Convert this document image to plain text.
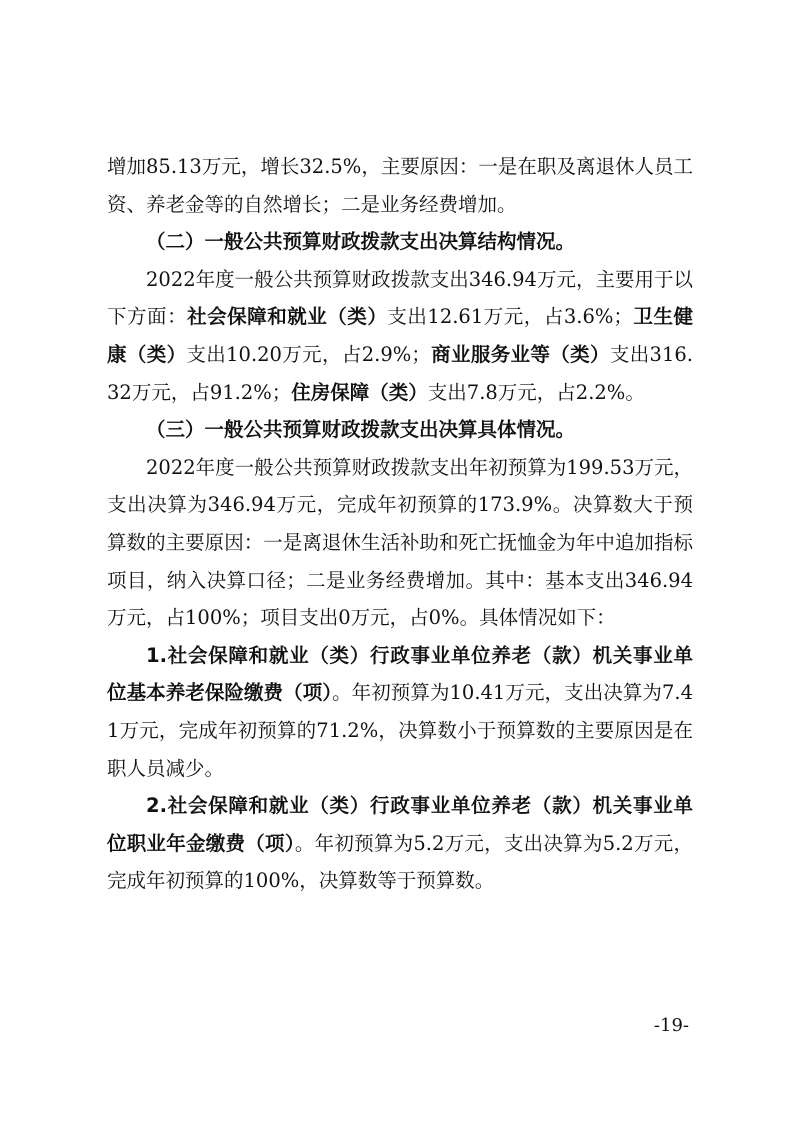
增加85.13万元，增长32.5%，主要原因：一是在职及离退休人员工资、养老金等的自然增长；二是业务经费增加。

（二）一般公共预算财政拨款支出决算结构情况。

2022年度一般公共预算财政拨款支出346.94万元，主要用于以下方面：社会保障和就业（类）支出12.61万元，占3.6%；卫生健康（类）支出10.20万元，占2.9%；商业服务业等（类）支出316.32万元，占91.2%；住房保障（类）支出7.8万元，占2.2%。

（三）一般公共预算财政拨款支出决算具体情况。

2022年度一般公共预算财政拨款支出年初预算为199.53万元，支出决算为346.94万元，完成年初预算的173.9%。决算数大于预算数的主要原因：一是离退休生活补助和死亡抚恤金为年中追加指标项目，纳入决算口径；二是业务经费增加。其中：基本支出346.94万元，占100%；项目支出0万元，占0%。具体情况如下：

1.社会保障和就业（类）行政事业单位养老（款）机关事业单位基本养老保险缴费（项）。年初预算为10.41万元，支出决算为7.41万元，完成年初预算的71.2%，决算数小于预算数的主要原因是在职人员减少。

2.社会保障和就业（类）行政事业单位养老（款）机关事业单位职业年金缴费（项）。年初预算为5.2万元，支出决算为5.2万元，完成年初预算的100%，决算数等于预算数。

-19-
